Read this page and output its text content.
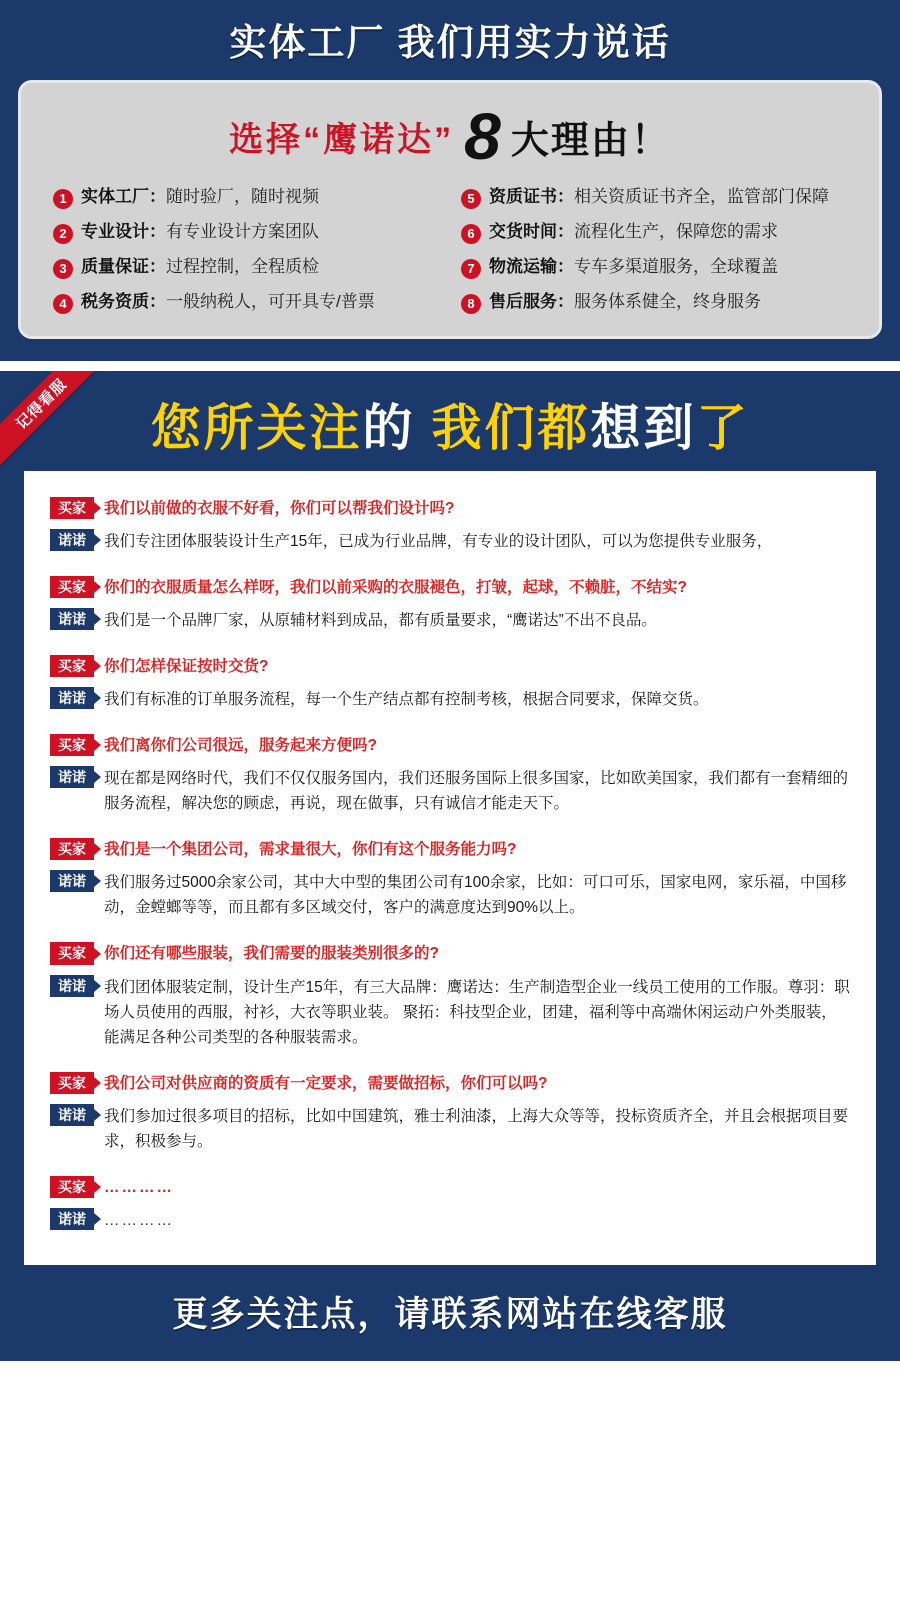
实体工厂 我们用实力说话
选择“鹰诺达” 8 大理由！
1 实体工厂：随时验厂，随时视频	5 资质证书：相关资质证书齐全，监管部门保障
2 专业设计：有专业设计方案团队	6 交货时间：流程化生产，保障您的需求
3 质量保证：过程控制，全程质检	7 物流运输：专车多渠道服务，全球覆盖
4 税务资质：一般纳税人，可开具专/普票	8 售后服务：服务体系健全，终身服务
记得看服	您所关注的 我们都想到了
买家	我们以前做的衣服不好看，你们可以帮我们设计吗?
诺诺	我们专注团体服装设计生产15年，已成为行业品牌，有专业的设计团队，可以为您提供专业服务，
买家	你们的衣服质量怎么样呀，我们以前采购的衣服褪色，打皱，起球，不赖脏，不结实?
诺诺	我们是一个品牌厂家，从原辅材料到成品，都有质量要求，“鹰诺达”不出不良品。
买家	你们怎样保证按时交货?
诺诺	我们有标准的订单服务流程，每一个生产结点都有控制考核，根据合同要求，保障交货。
买家	我们离你们公司很远，服务起来方便吗?
诺诺	现在都是网络时代，我们不仅仅服务国内，我们还服务国际上很多国家，比如欧美国家，我们都有一套精细的服务流程，解决您的顾虑，再说，现在做事，只有诚信才能走天下。
买家	我们是一个集团公司，需求量很大，你们有这个服务能力吗?
诺诺	我们服务过5000余家公司，其中大中型的集团公司有100余家，比如：可口可乐，国家电网，家乐福，中国移动，金螳螂等等，而且都有多区域交付，客户的满意度达到90%以上。
买家	你们还有哪些服装，我们需要的服装类别很多的?
诺诺	我们团体服装定制，设计生产15年，有三大品牌：鹰诺达：生产制造型企业一线员工使用的工作服。尊羽：职场人员使用的西服，衬衫，大衣等职业装。 聚拓：科技型企业，团建，福利等中高端休闲运动户外类服装，能满足各种公司类型的各种服装需求。
买家	我们公司对供应商的资质有一定要求，需要做招标，你们可以吗?
诺诺	我们参加过很多项目的招标，比如中国建筑，雅士利油漆，上海大众等等，投标资质齐全，并且会根据项目要求，积极参与。
买家	…………
诺诺	…………
更多关注点，请联系网站在线客服
